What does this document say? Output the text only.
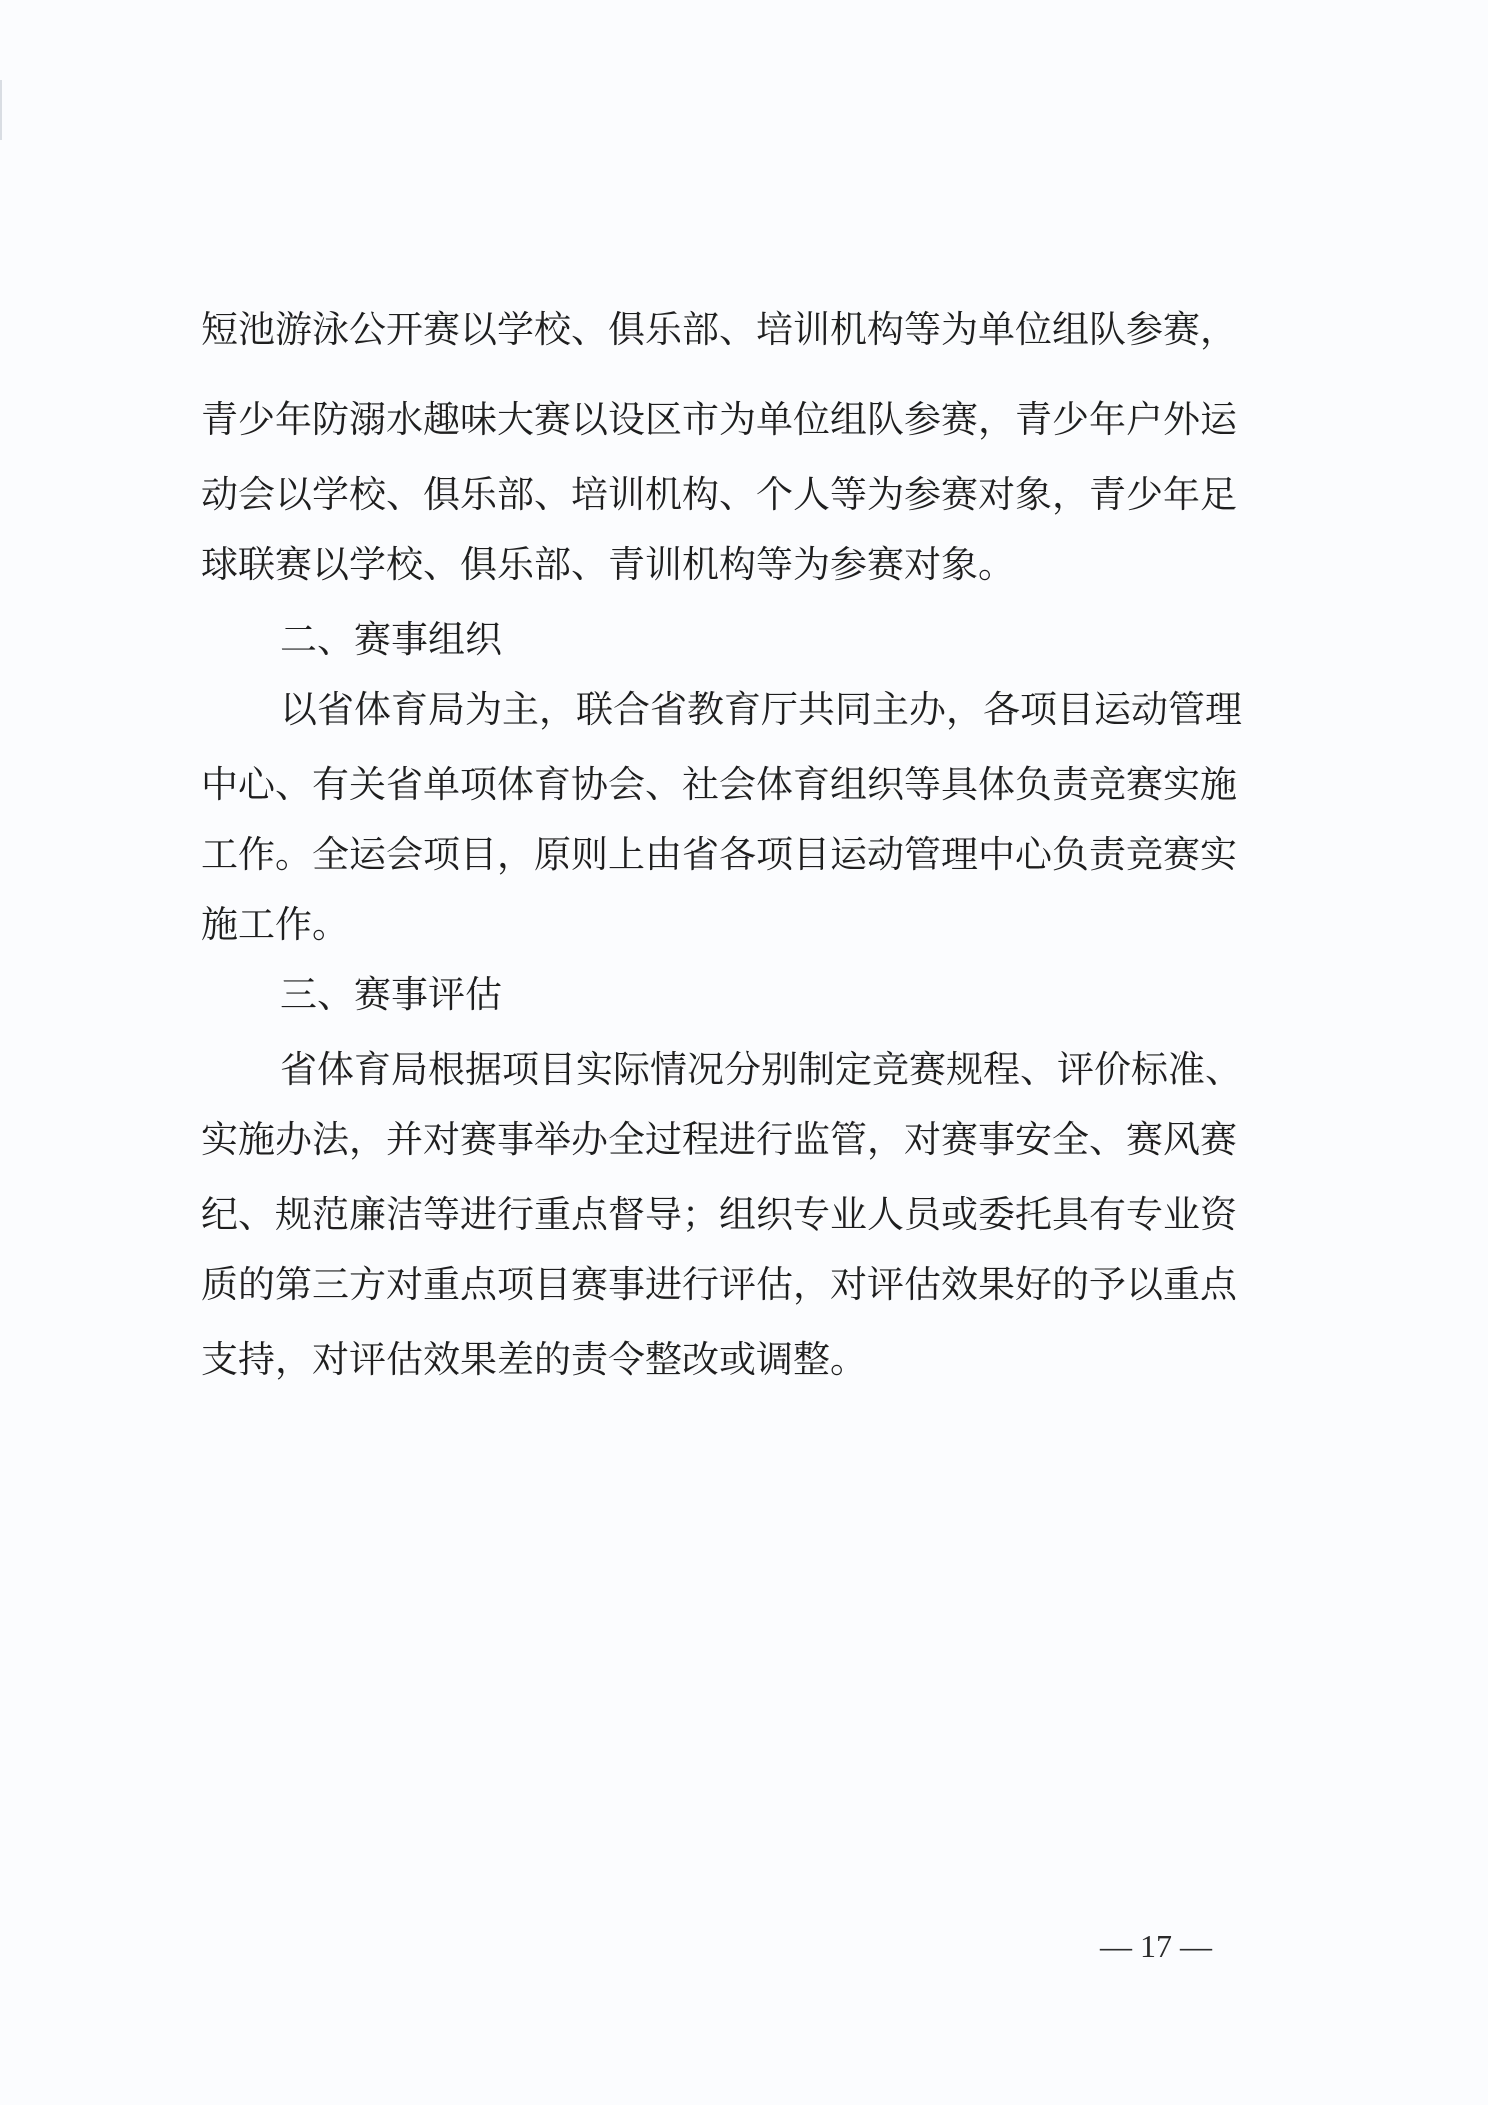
短池游泳公开赛以学校、俱乐部、培训机构等为单位组队参赛，
青少年防溺水趣味大赛以设区市为单位组队参赛，青少年户外运
动会以学校、俱乐部、培训机构、个人等为参赛对象，青少年足
球联赛以学校、俱乐部、青训机构等为参赛对象。
二、赛事组织
以省体育局为主，联合省教育厅共同主办，各项目运动管理
中心、有关省单项体育协会、社会体育组织等具体负责竞赛实施
工作。全运会项目，原则上由省各项目运动管理中心负责竞赛实
施工作。
三、赛事评估
省体育局根据项目实际情况分别制定竞赛规程、评价标准、
实施办法，并对赛事举办全过程进行监管，对赛事安全、赛风赛
纪、规范廉洁等进行重点督导；组织专业人员或委托具有专业资
质的第三方对重点项目赛事进行评估，对评估效果好的予以重点
支持，对评估效果差的责令整改或调整。
— 17 —
